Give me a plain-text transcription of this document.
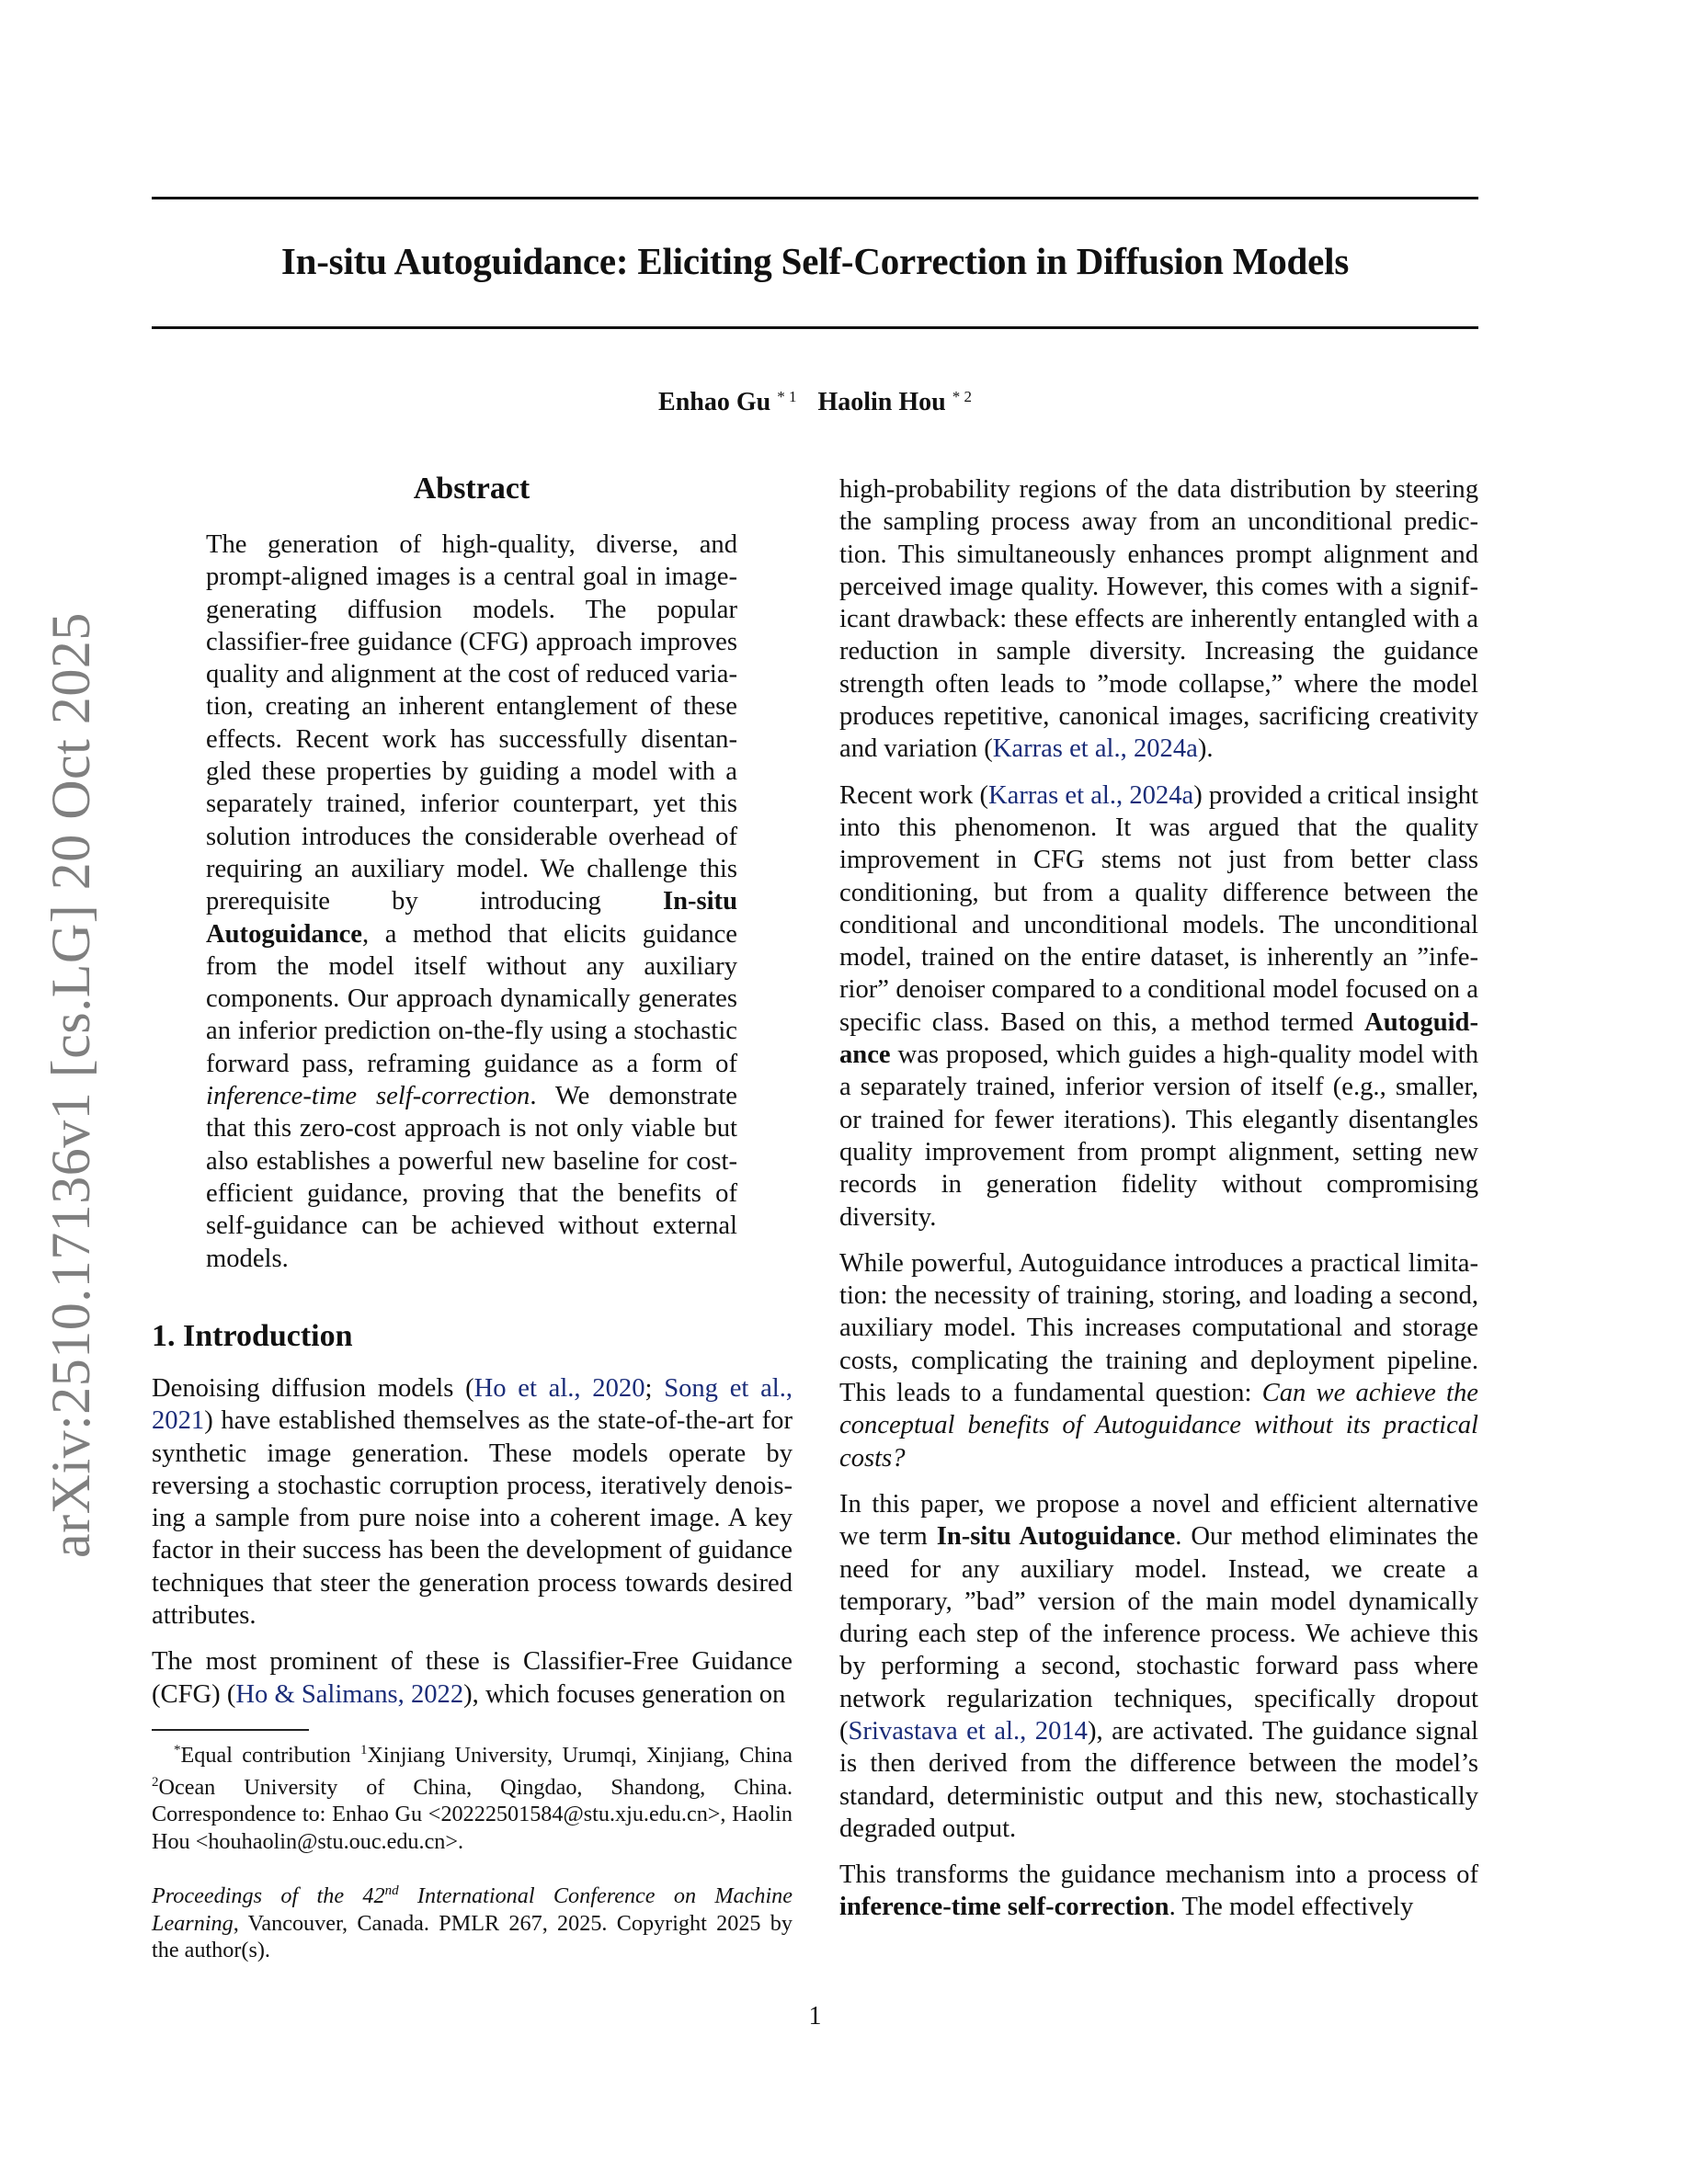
arXiv:2510.17136v1 [cs.LG] 20 Oct 2025
In-situ Autoguidance: Eliciting Self-Correction in Diffusion Models
Enhao Gu $^{* 1}$ Haolin Hou $^{* 2}$
Abstract

The generation of high-quality, diverse, and prompt-aligned images is a central goal in image-generating diffusion models. The popular classifier-free guidance (CFG) approach improves quality and alignment at the cost of reduced variation, creating an inherent entanglement of these effects. Recent work has successfully disentangled these properties by guiding a model with a separately trained, inferior counterpart, yet this solution introduces the considerable overhead of requiring an auxiliary model. We challenge this prerequisite by introducing In-situ Autoguidance, a method that elicits guidance from the model itself without any auxiliary components. Our approach dynamically generates an inferior prediction on-the-fly using a stochastic forward pass, reframing guidance as a form of inference-time self-correction. We demonstrate that this zero-cost approach is not only viable but also establishes a powerful new baseline for cost-efficient guidance, proving that the benefits of self-guidance can be achieved without external models.

1. Introduction

Denoising diffusion models (Ho et al., 2020; Song et al., 2021) have established themselves as the state-of-the-art for synthetic image generation. These models operate by reversing a stochastic corruption process, iteratively denoising a sample from pure noise into a coherent image. A key factor in their success has been the development of guidance techniques that steer the generation process towards desired attributes.

The most prominent of these is Classifier-Free Guidance (CFG) (Ho & Salimans, 2022), which focuses generation on

*Equal contribution $^1$Xinjiang University, Urumqi, Xinjiang, China $^2$Ocean University of China, Qingdao, Shandong, China. Correspondence to: Enhao Gu <20222501584@stu.xju.edu.cn>, Haolin Hou <houhaolin@stu.ouc.edu.cn>.

Proceedings of the 42nd International Conference on Machine Learning, Vancouver, Canada. PMLR 267, 2025. Copyright 2025 by the author(s).

high-probability regions of the data distribution by steering the sampling process away from an unconditional prediction. This simultaneously enhances prompt alignment and perceived image quality. However, this comes with a significant drawback: these effects are inherently entangled with a reduction in sample diversity. Increasing the guidance strength often leads to ”mode collapse,” where the model produces repetitive, canonical images, sacrificing creativity and variation (Karras et al., 2024a).

Recent work (Karras et al., 2024a) provided a critical insight into this phenomenon. It was argued that the quality improvement in CFG stems not just from better class conditioning, but from a quality difference between the conditional and unconditional models. The unconditional model, trained on the entire dataset, is inherently an ”inferior” denoiser compared to a conditional model focused on a specific class. Based on this, a method termed Autoguidance was proposed, which guides a high-quality model with a separately trained, inferior version of itself (e.g., smaller, or trained for fewer iterations). This elegantly disentangles quality improvement from prompt alignment, setting new records in generation fidelity without compromising diversity.

While powerful, Autoguidance introduces a practical limitation: the necessity of training, storing, and loading a second, auxiliary model. This increases computational and storage costs, complicating the training and deployment pipeline. This leads to a fundamental question: Can we achieve the conceptual benefits of Autoguidance without its practical costs?

In this paper, we propose a novel and efficient alternative we term In-situ Autoguidance. Our method eliminates the need for any auxiliary model. Instead, we create a temporary, ”bad” version of the main model dynamically during each step of the inference process. We achieve this by performing a second, stochastic forward pass where network regularization techniques, specifically dropout (Srivastava et al., 2014), are activated. The guidance signal is then derived from the difference between the model’s standard, deterministic output and this new, stochastically degraded output.

This transforms the guidance mechanism into a process of inference-time self-correction. The model effectively

1
